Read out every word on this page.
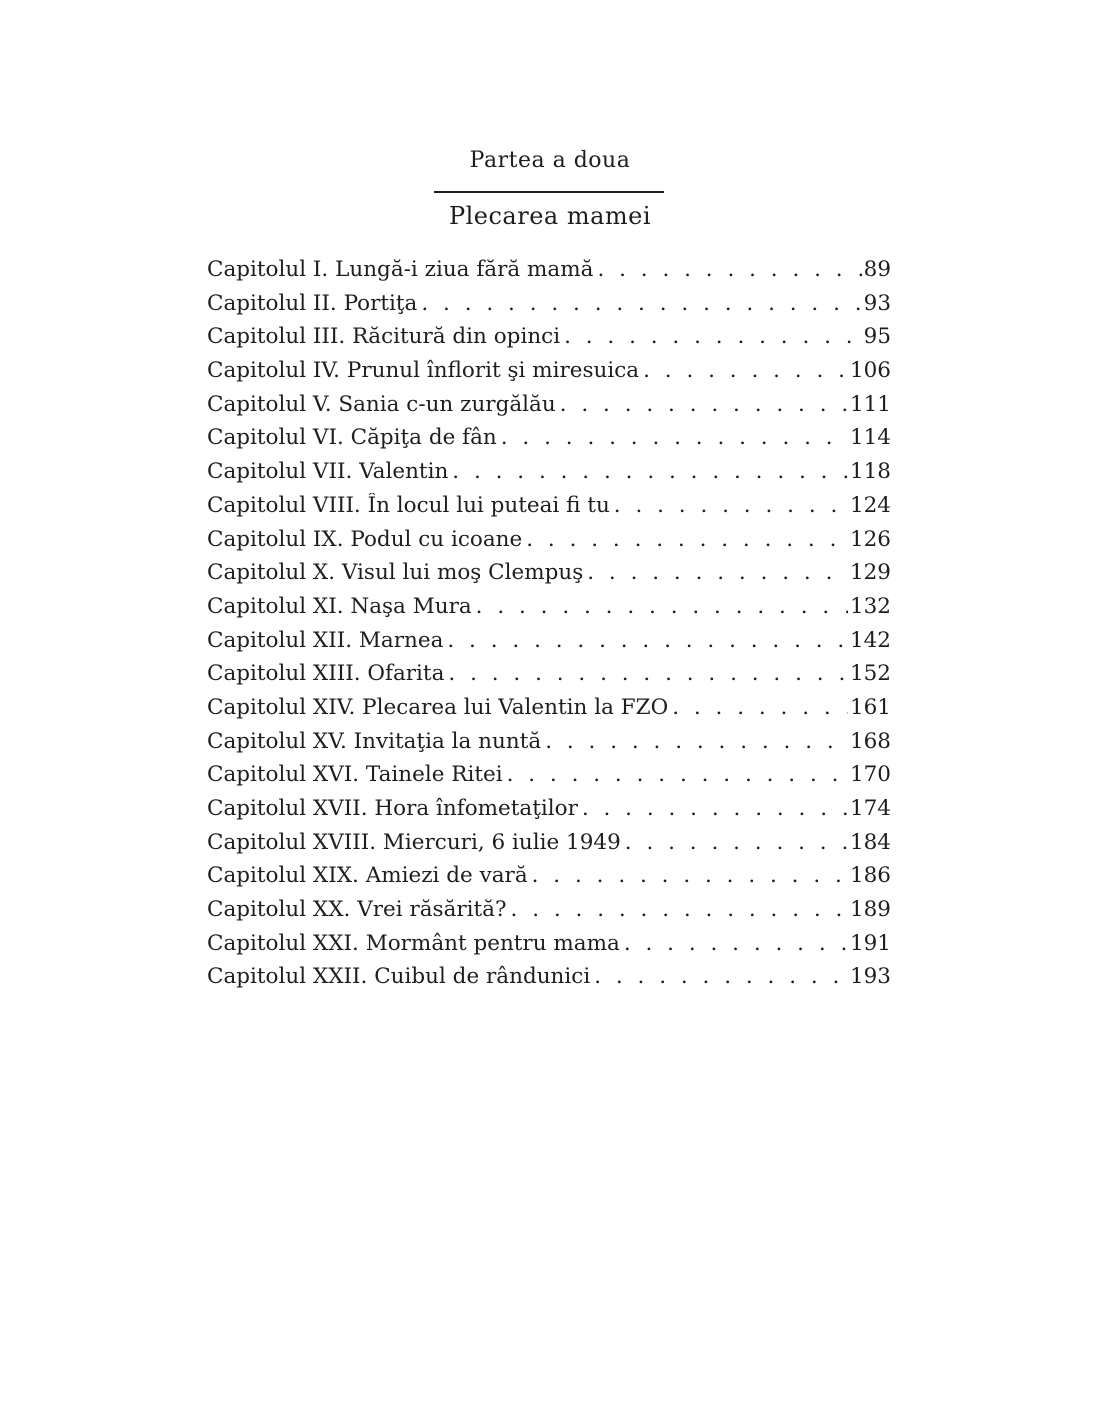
Partea a doua
Plecarea mamei
Capitolul I. Lungă-i ziua fără mamă . . .	89
Capitolul II. Portiţa . . .	93
Capitolul III. Răcitură din opinci . . .	95
Capitolul IV. Prunul înflorit şi miresuica . . .	106
Capitolul V. Sania c-un zurgălău . . .	111
Capitolul VI. Căpiţa de fân . . .	114
Capitolul VII. Valentin . . .	118
Capitolul VIII. În locul lui puteai fi tu . . .	124
Capitolul IX. Podul cu icoane . . .	126
Capitolul X. Visul lui moş Clempuş . . .	129
Capitolul XI. Naşa Mura . . .	132
Capitolul XII. Marnea . . .	142
Capitolul XIII. Ofarita . . .	152
Capitolul XIV. Plecarea lui Valentin la FZO . . .	161
Capitolul XV. Invitaţia la nuntă . . .	168
Capitolul XVI. Tainele Ritei . . .	170
Capitolul XVII. Hora înfometaţilor . . .	174
Capitolul XVIII. Miercuri, 6 iulie 1949 . . .	184
Capitolul XIX. Amiezi de vară . . .	186
Capitolul XX. Vrei răsărită? . . .	189
Capitolul XXI. Mormânt pentru mama . . .	191
Capitolul XXII. Cuibul de rândunici . . .	193
